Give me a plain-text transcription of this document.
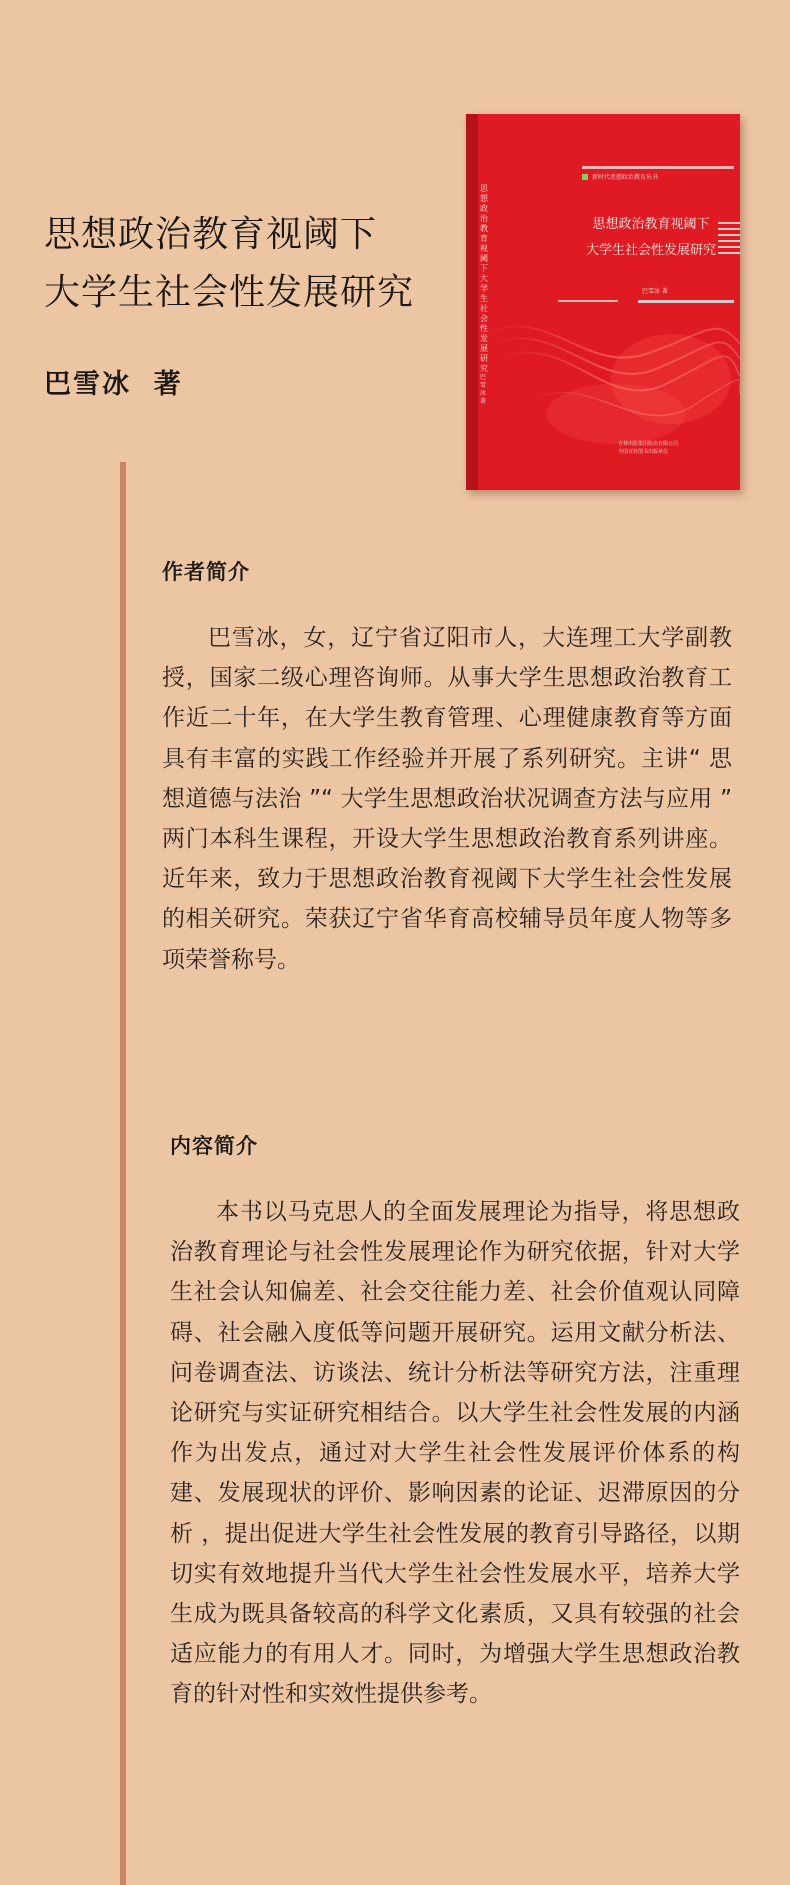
思想政治教育视阈下

大学生社会性发展研究

巴雪冰  著
思想政治教育视阈下大学生社会性发展研究
新时代思想政治教育丛书
思想政治教育视阈下
大学生社会性发展研究
巴雪冰 著
吉林出版集团股份有限公司
全国百佳图书出版单位
巴雪冰 著
作者简介

巴雪冰，女，辽宁省辽阳市人，大连理工大学副教授，国家二级心理咨询师。从事大学生思想政治教育工作近二十年，在大学生教育管理、心理健康教育等方面具有丰富的实践工作经验并开展了系列研究。主讲“ 思想道德与法治 ”“ 大学生思想政治状况调查方法与应用 ” 两门本科生课程，开设大学生思想政治教育系列讲座。近年来，致力于思想政治教育视阈下大学生社会性发展的相关研究。荣获辽宁省华育高校辅导员年度人物等多项荣誉称号。

内容简介

本书以马克思人的全面发展理论为指导，将思想政治教育理论与社会性发展理论作为研究依据，针对大学生社会认知偏差、社会交往能力差、社会价值观认同障碍、社会融入度低等问题开展研究。运用文献分析法、问卷调查法、访谈法、统计分析法等研究方法，注重理论研究与实证研究相结合。以大学生社会性发展的内涵作为出发点，通过对大学生社会性发展评价体系的构建、发展现状的评价、影响因素的论证、迟滞原因的分析 ，提出促进大学生社会性发展的教育引导路径，以期切实有效地提升当代大学生社会性发展水平，培养大学生成为既具备较高的科学文化素质，又具有较强的社会适应能力的有用人才。同时，为增强大学生思想政治教育的针对性和实效性提供参考。
